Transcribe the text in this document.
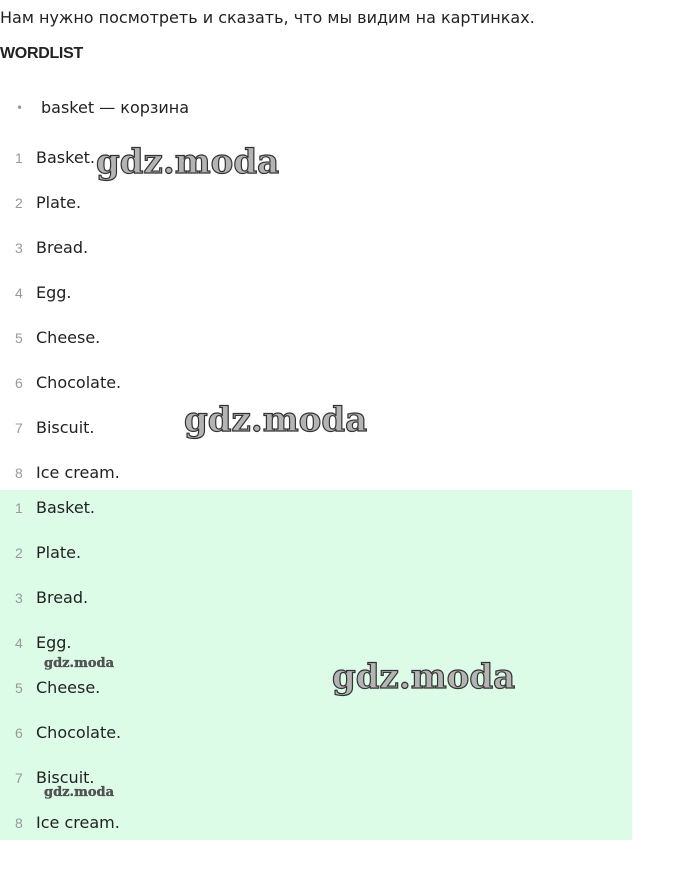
Нам нужно посмотреть и сказать, что мы видим на картинках.
WORDLIST
• basket — корзина
1 Basket.
2 Plate.
3 Bread.
4 Egg.
5 Cheese.
6 Chocolate.
7 Biscuit.
8 Ice cream.
1 Basket.
2 Plate.
3 Bread.
4 Egg.
5 Cheese.
6 Chocolate.
7 Biscuit.
8 Ice cream.
gdz.moda
gdz.moda
gdz.moda
gdz.moda
gdz.moda
